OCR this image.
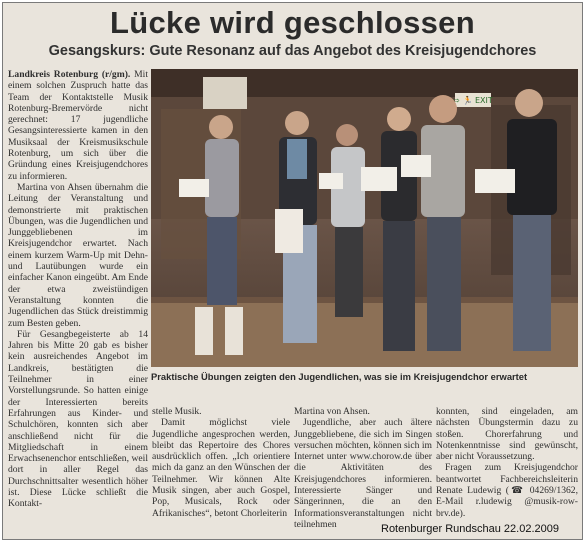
Lücke wird geschlossen
Gesangskurs: Gute Resonanz auf das Angebot des Kreisjugendchores

Landkreis Rotenburg (r/gm). Mit einem solchen Zuspruch hatte das Team der Kontaktstelle Musik Rotenburg-Bremervörde nicht gerechnet: 17 jugendliche Gesangsinteressierte kamen in den Musiksaal der Kreismusikschule Rotenburg, um sich über die Gründung eines Kreisjugendchores zu informieren.

Martina von Ahsen übernahm die Leitung der Veranstaltung und demonstrierte mit praktischen Übungen, was die Jugendlichen und Junggebliebenen im Kreisjugendchor erwartet. Nach einem kurzem Warm-Up mit Dehn- und Lautübungen wurde ein einfacher Kanon eingeübt. Am Ende der etwa zweistündigen Veranstaltung konnten die Jugendlichen das Stück dreistimmig zum Besten geben.

Für Gesangbegeisterte ab 14 Jahren bis Mitte 20 gab es bisher kein ausreichendes Angebot im Landkreis, bestätigten die Teilnehmer in einer Vorstellungsrunde. So hatten einige der Interessierten bereits Erfahrungen aus Kinder- und Schulchören, konnten sich aber anschließend nicht für die Mitgliedschaft in einem Erwachsenenchor entschließen, weil dort in aller Regel das Durchschnittsalter wesentlich höher ist. Diese Lücke schließt die Kontakt-

⇨ 🏃 EXIT
Praktische Übungen zeigten den Jugendlichen, was sie im Kreisjugendchor erwartet

stelle Musik.

Damit möglichst viele Jugendliche angesprochen werden, bleibt das Repertoire des Chores ausdrücklich offen. „Ich orientiere mich da ganz an den Wünschen der Teilnehmer. Wir können Alte Musik singen, aber auch Gospel, Pop, Musicals, Rock oder Afrikanisches“, betont Chorleiterin

Martina von Ahsen.

Jugendliche, aber auch ältere Junggebliebene, die sich im Singen versuchen möchten, können sich im Internet unter www.chorow.de über die Aktivitäten des Kreisjugendchores informieren. Interessierte Sänger und Sängerinnen, die an den Informationsveranstaltungen nicht teilnehmen

konnten, sind eingeladen, am nächsten Übungstermin dazu zu stoßen. Chorerfahrung und Notenkenntnisse sind gewünscht, aber nicht Voraussetzung.

Fragen zum Kreisjugendchor beantwortet Fachbereichsleiterin Renate Ludewig (☎ 04269/1362, E-Mail r.ludewig @musik-row-brv.de).

Rotenburger Rundschau 22.02.2009
